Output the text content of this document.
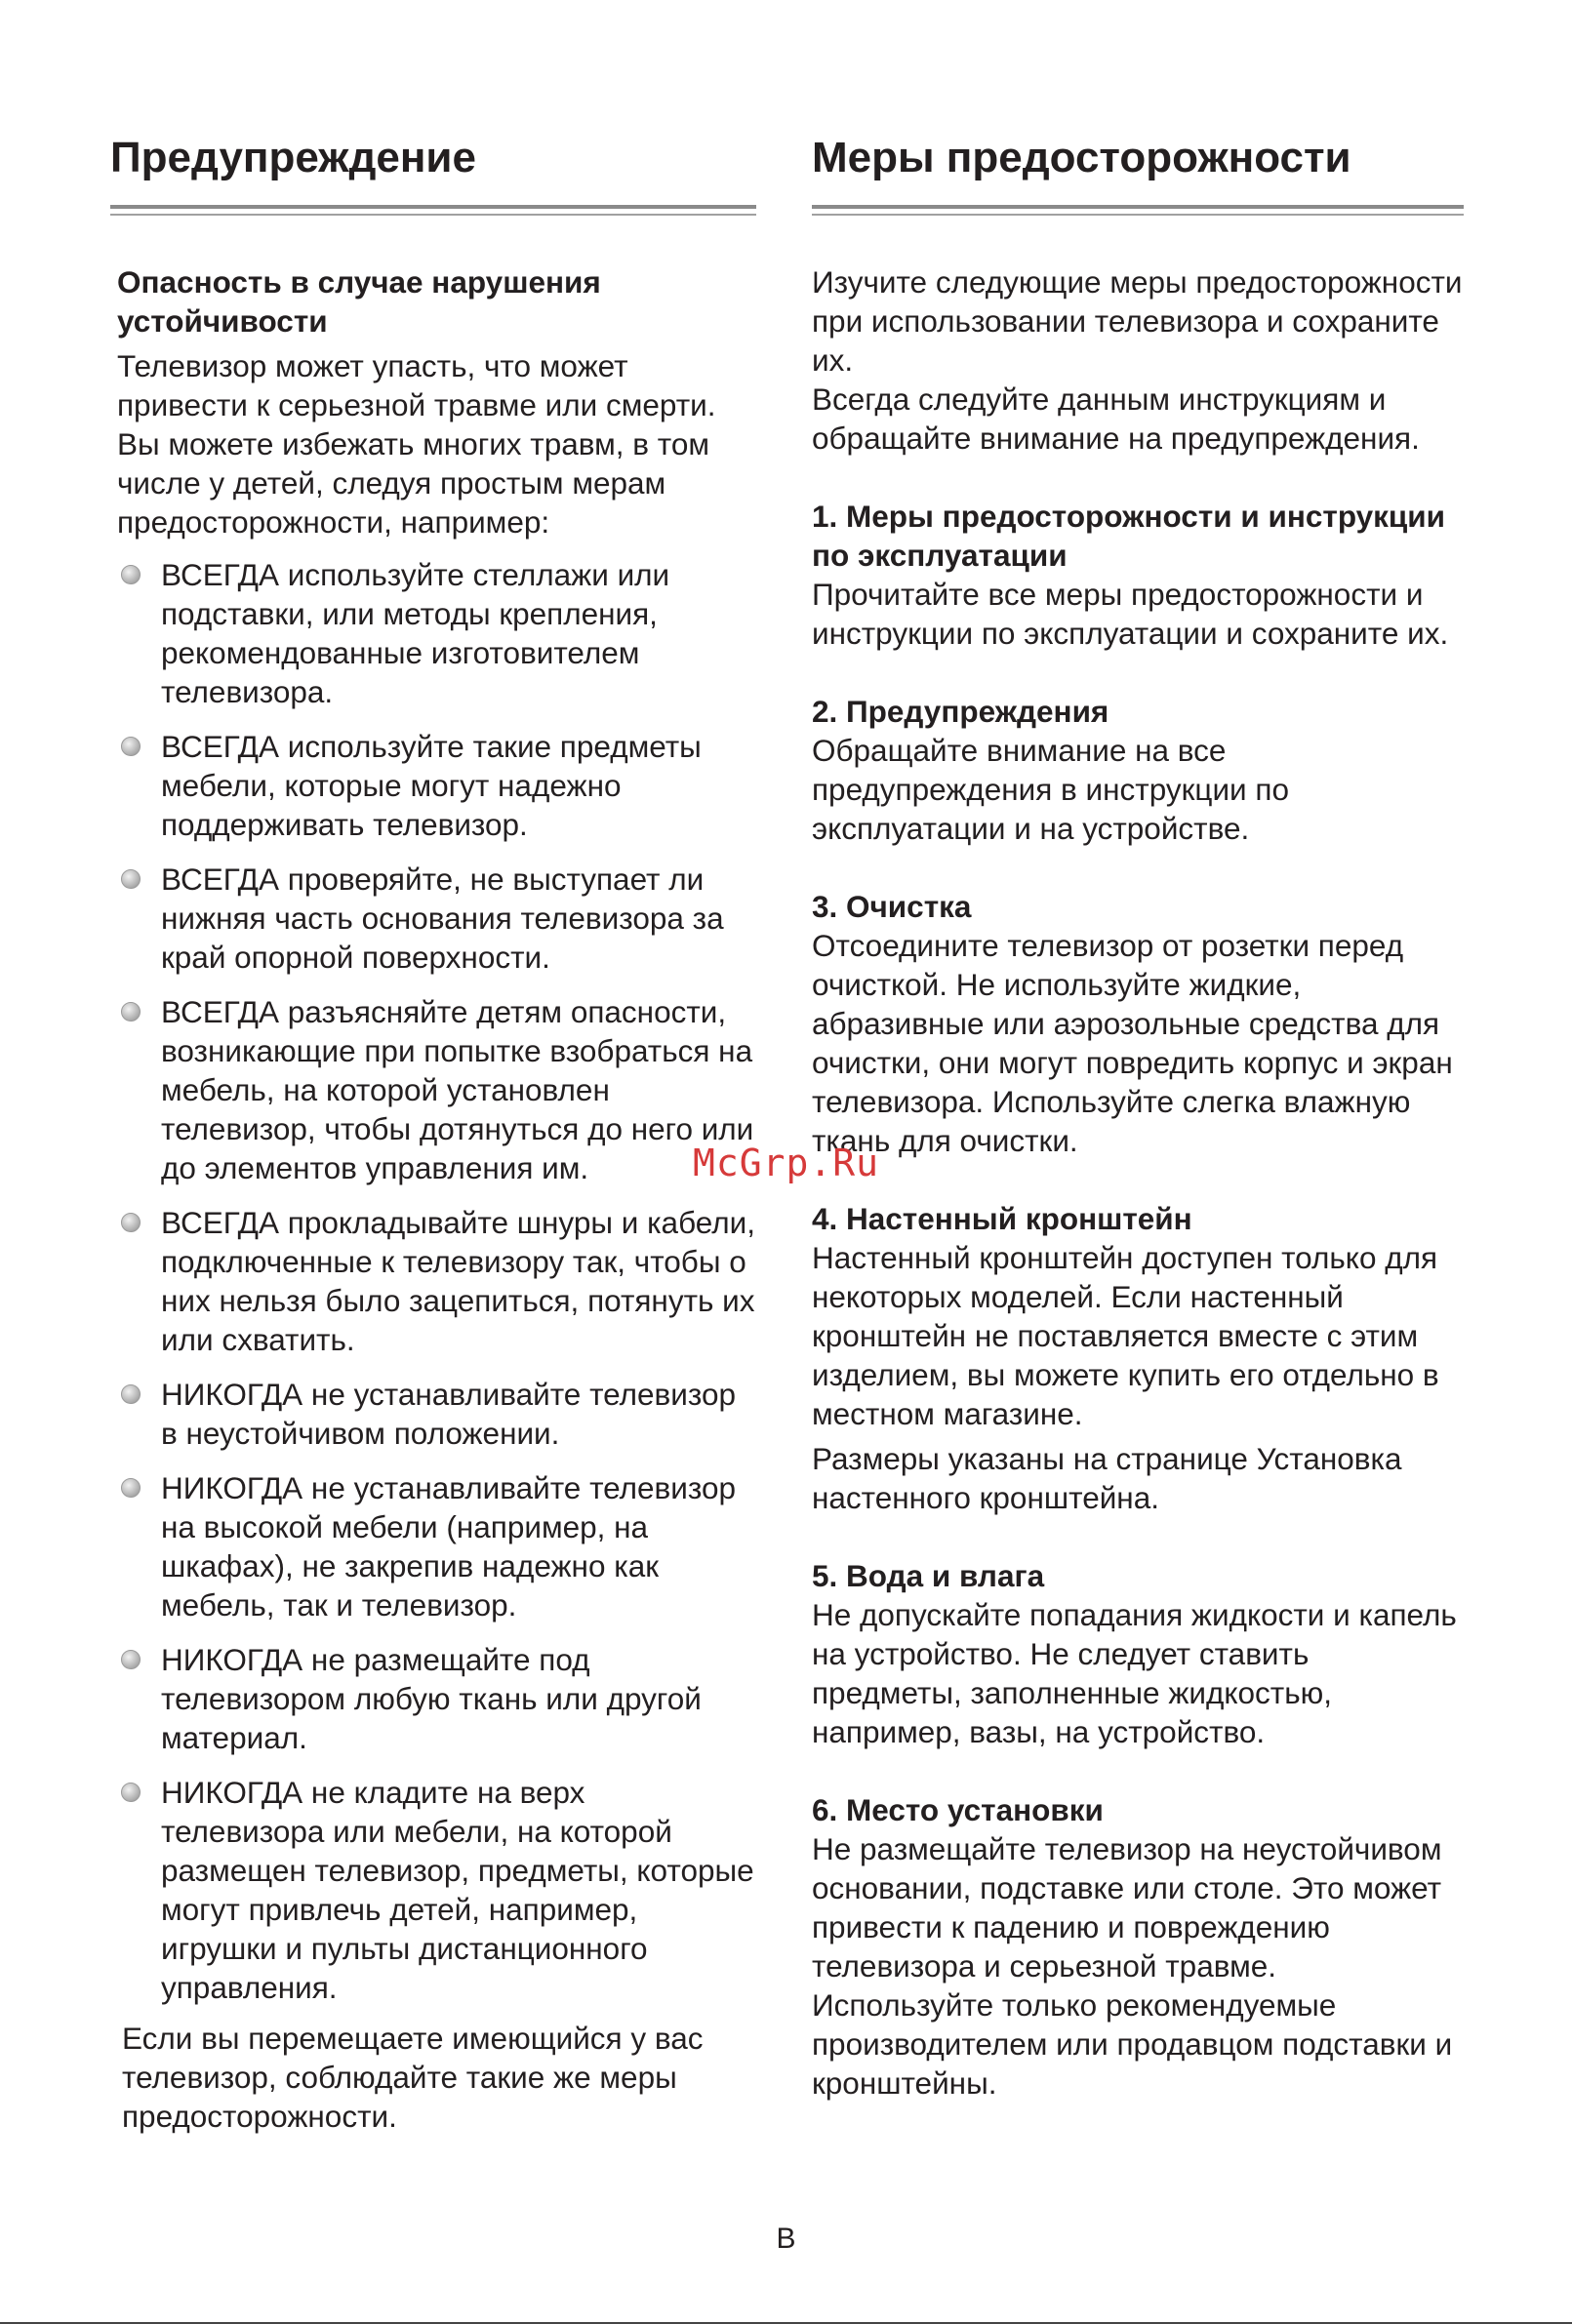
Предупреждение

Опасность в случае нарушения устойчивости

Телевизор может упасть, что может привести к серьезной травме или смерти. Вы можете избежать многих травм, в том числе у детей, следуя простым мерам предосторожности, например:

ВСЕГДА используйте стеллажи или подставки, или методы крепления, рекомендованные изготовителем телевизора.
ВСЕГДА используйте такие предметы мебели, которые могут надежно поддерживать телевизор.
ВСЕГДА проверяйте, не выступает ли нижняя часть основания телевизора за край опорной поверхности.
ВСЕГДА разъясняйте детям опасности, возникающие при попытке взобраться на мебель, на которой установлен телевизор, чтобы дотянуться до него или до элементов управления им.
ВСЕГДА прокладывайте шнуры и кабели, подключенные к телевизору так, чтобы о них нельзя было зацепиться, потянуть их или схватить.
НИКОГДА не устанавливайте телевизор в неустойчивом положении.
НИКОГДА не устанавливайте телевизор на высокой мебели (например, на шкафах), не закрепив надежно как мебель, так и телевизор.
НИКОГДА не размещайте под телевизором любую ткань или другой материал.
НИКОГДА не кладите на верх телевизора или мебели, на которой размещен телевизор, предметы, которые могут привлечь детей, например, игрушки и пульты дистанционного управления.

Если вы перемещаете имеющийся у вас телевизор, соблюдайте такие же меры предосторожности.

Меры предосторожности

Изучите следующие меры предосторожности при использовании телевизора и сохраните их.

Всегда следуйте данным инструкциям и обращайте внимание на предупреждения.

1. Меры предосторожности и инструкции по эксплуатации

Прочитайте все меры предосторожности и инструкции по эксплуатации и сохраните их.

2. Предупреждения

Обращайте внимание на все предупреждения в инструкции по эксплуатации и на устройстве.

3. Очистка

Отсоедините телевизор от розетки перед очисткой. Не используйте жидкие, абразивные или аэрозольные средства для очистки, они могут повредить корпус и экран телевизора. Используйте слегка влажную ткань для очистки.

4. Настенный кронштейн

Настенный кронштейн доступен только для некоторых моделей. Если настенный кронштейн не поставляется вместе с этим изделием, вы можете купить его отдельно в местном магазине.

Размеры указаны на странице Установка настенного кронштейна.

5. Вода и влага

Не допускайте попадания жидкости и капель на устройство. Не следует ставить предметы, заполненные жидкостью, например, вазы, на устройство.

6. Место установки

Не размещайте телевизор на неустойчивом основании, подставке или столе. Это может привести к падению и повреждению телевизора и серьезной травме. Используйте только рекомендуемые производителем или продавцом подставки и кронштейны.

McGrp.Ru
В
